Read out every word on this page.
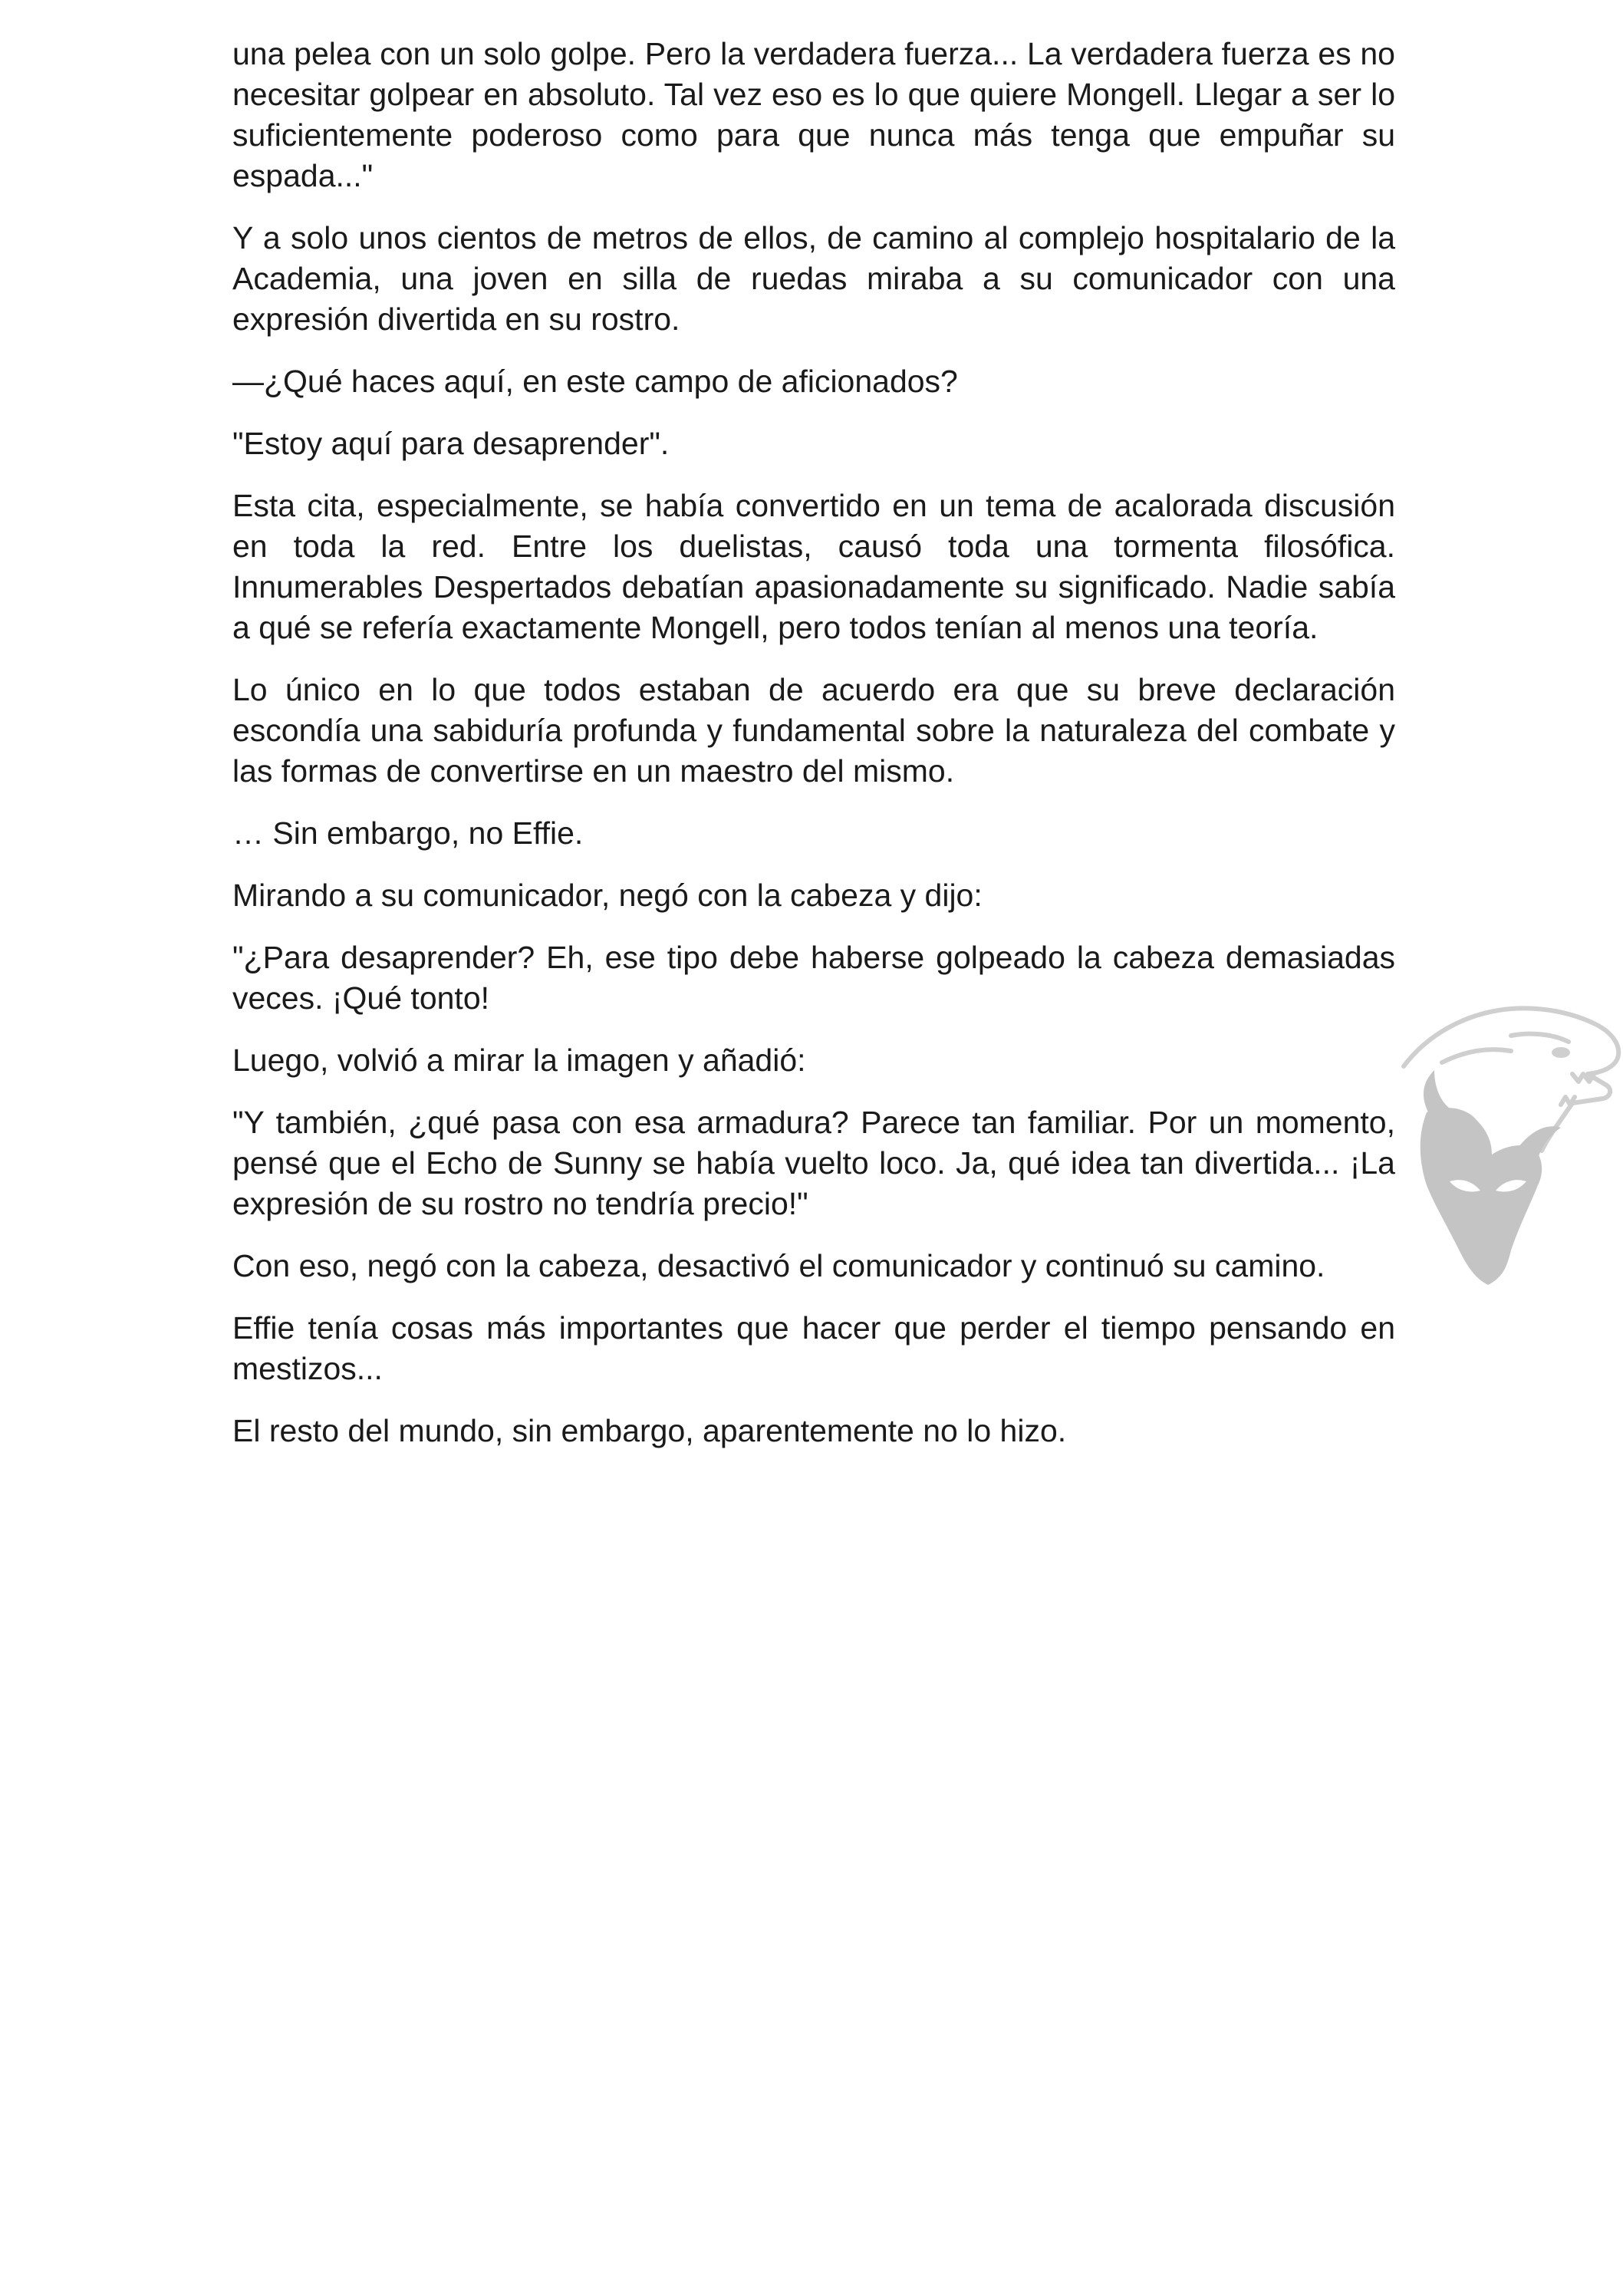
una pelea con un solo golpe. Pero la verdadera fuerza... La verdadera fuerza es no necesitar golpear en absoluto. Tal vez eso es lo que quiere Mongell. Llegar a ser lo suficientemente poderoso como para que nunca más tenga que empuñar su espada..."

Y a solo unos cientos de metros de ellos, de camino al complejo hospitalario de la Academia, una joven en silla de ruedas miraba a su comunicador con una expresión divertida en su rostro.

—¿Qué haces aquí, en este campo de aficionados?

"Estoy aquí para desaprender".

Esta cita, especialmente, se había convertido en un tema de acalorada discusión en toda la red. Entre los duelistas, causó toda una tormenta filosófica. Innumerables Despertados debatían apasionadamente su significado. Nadie sabía a qué se refería exactamente Mongell, pero todos tenían al menos una teoría.

Lo único en lo que todos estaban de acuerdo era que su breve declaración escondía una sabiduría profunda y fundamental sobre la naturaleza del combate y las formas de convertirse en un maestro del mismo.

… Sin embargo, no Effie.

Mirando a su comunicador, negó con la cabeza y dijo:

"¿Para desaprender? Eh, ese tipo debe haberse golpeado la cabeza demasiadas veces. ¡Qué tonto!

Luego, volvió a mirar la imagen y añadió:

"Y también, ¿qué pasa con esa armadura? Parece tan familiar. Por un momento, pensé que el Echo de Sunny se había vuelto loco. Ja, qué idea tan divertida... ¡La expresión de su rostro no tendría precio!"

Con eso, negó con la cabeza, desactivó el comunicador y continuó su camino.

Effie tenía cosas más importantes que hacer que perder el tiempo pensando en mestizos...

El resto del mundo, sin embargo, aparentemente no lo hizo.
